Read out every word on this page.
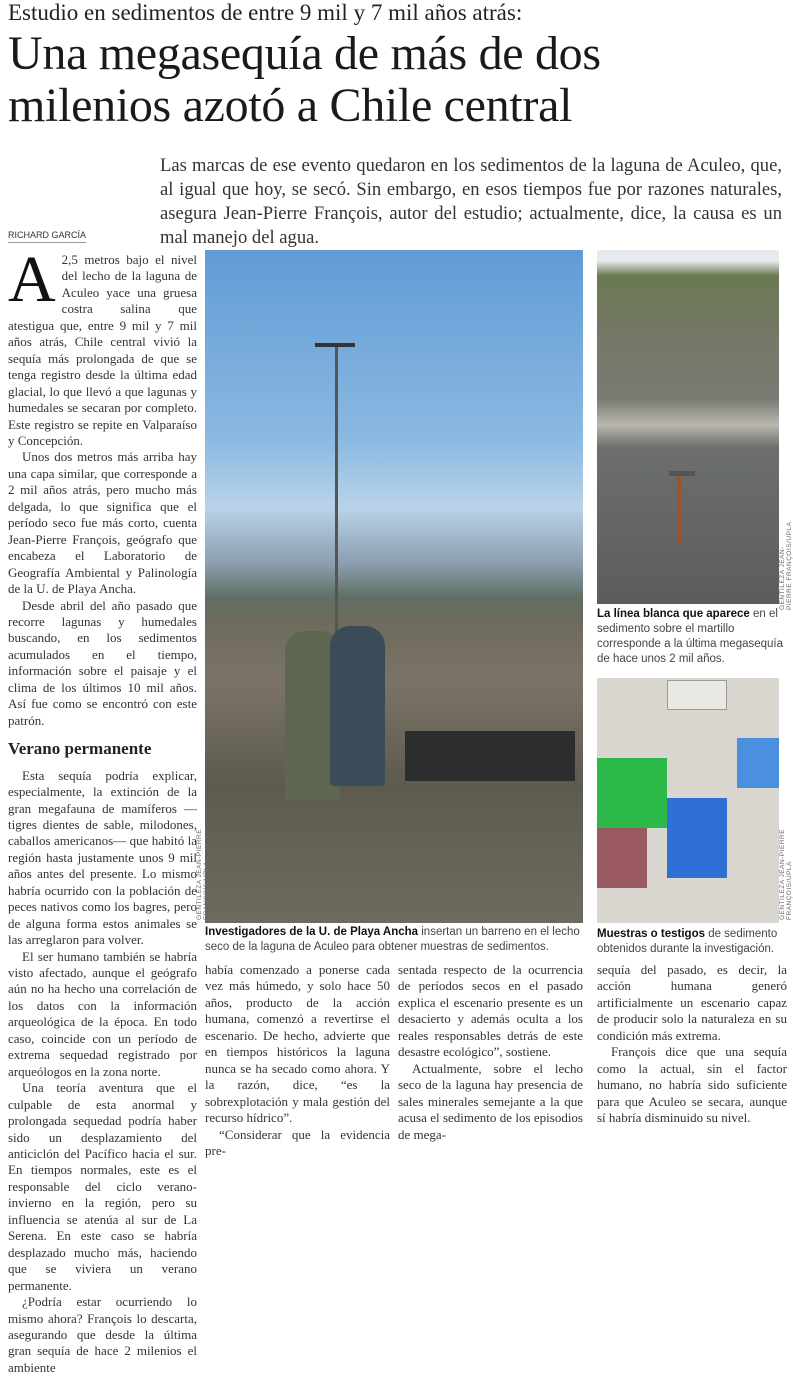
Estudio en sedimentos de entre 9 mil y 7 mil años atrás:
Una megasequía de más de dos
milenios azotó a Chile central
Las marcas de ese evento quedaron en los sedimentos de la laguna de Aculeo, que, al igual que hoy, se secó. Sin embargo, en esos tiempos fue por razones naturales, asegura Jean-Pierre François, autor del estudio; actualmente, dice, la causa es un mal manejo del agua.
RICHARD GARCÍA

A 2,5 metros bajo el nivel del lecho de la laguna de Aculeo yace una gruesa costra salina que atestigua que, entre 9 mil y 7 mil años atrás, Chile central vivió la sequía más prolongada de que se tenga registro desde la última edad glacial, lo que llevó a que lagunas y humedales se secaran por completo. Este registro se repite en Valparaíso y Concepción.

Unos dos metros más arriba hay una capa similar, que corresponde a 2 mil años atrás, pero mucho más delgada, lo que significa que el período seco fue más corto, cuenta Jean-Pierre François, geógrafo que encabeza el Laboratorio de Geografía Ambiental y Palinología de la U. de Playa Ancha.

Desde abril del año pasado que recorre lagunas y humedales buscando, en los sedimentos acumulados en el tiempo, información sobre el paisaje y el clima de los últimos 10 mil años. Así fue como se encontró con este patrón.

Verano permanente

Esta sequía podría explicar, especialmente, la extinción de la gran megafauna de mamíferos —tigres dientes de sable, milodones, caballos americanos— que habitó la región hasta justamente unos 9 mil años antes del presente. Lo mismo habría ocurrido con la población de peces nativos como los bagres, pero de alguna forma estos animales se las arreglaron para volver.

El ser humano también se habría visto afectado, aunque el geógrafo aún no ha hecho una correlación de los datos con la información arqueológica de la época. En todo caso, coincide con un período de extrema sequedad registrado por arqueólogos en la zona norte.

Una teoría aventura que el culpable de esta anormal y prolongada sequedad podría haber sido un desplazamiento del anticiclón del Pacífico hacia el sur. En tiempos normales, este es el responsable del ciclo verano-invierno en la región, pero su influencia se atenúa al sur de La Serena. En este caso se habría desplazado mucho más, haciendo que se viviera un verano permanente.

¿Podría estar ocurriendo lo mismo ahora? François lo descarta, asegurando que desde la última gran sequía de hace 2 milenios el ambiente

GENTILEZA JEAN-PIERRE FRANÇOIS/UPLA
Investigadores de la U. de Playa Ancha insertan un barreno en el lecho seco de la laguna de Aculeo para obtener muestras de sedimentos.
GENTILEZA JEAN-PIERRE FRANÇOIS/UPLA
La línea blanca que aparece en el sedimento sobre el martillo corresponde a la última megasequía de hace unos 2 mil años.
GENTILEZA JEAN-PIERRE FRANÇOIS/UPLA
Muestras o testigos de sedimento obtenidos durante la investigación.

había comenzado a ponerse cada vez más húmedo, y solo hace 50 años, producto de la acción humana, comenzó a revertirse el escenario. De hecho, advierte que en tiempos históricos la laguna nunca se ha secado como ahora. Y la razón, dice, “es la sobrexplotación y mala gestión del recurso hídrico”.

“Considerar que la evidencia pre-

sentada respecto de la ocurrencia de períodos secos en el pasado explica el escenario presente es un desacierto y además oculta a los reales responsables detrás de este desastre ecológico”, sostiene.

Actualmente, sobre el lecho seco de la laguna hay presencia de sales minerales semejante a la que acusa el sedimento de los episodios de mega-

sequía del pasado, es decir, la acción humana generó artificialmente un escenario capaz de producir solo la naturaleza en su condición más extrema.

François dice que una sequía como la actual, sin el factor humano, no habría sido suficiente para que Aculeo se secara, aunque sí habría disminuido su nivel.
